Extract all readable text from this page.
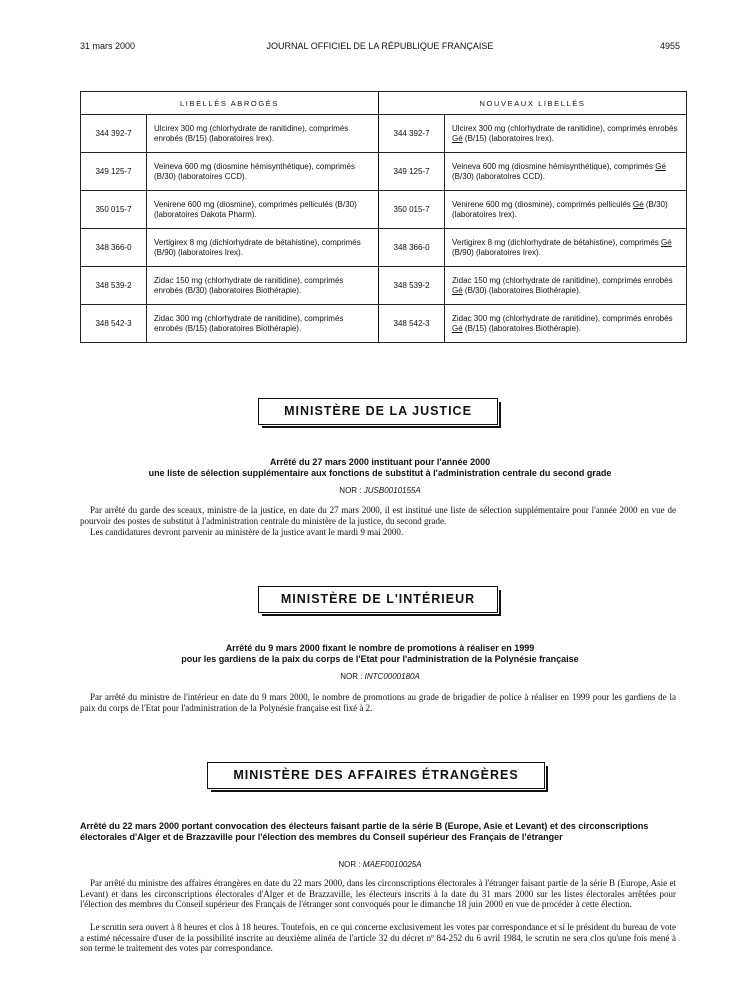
31 mars 2000	JOURNAL OFFICIEL DE LA RÉPUBLIQUE FRANÇAISE	4955
LIBELLÉS ABROGÉS		NOUVEAUX LIBELLÉS	
344 392-7	Ulcirex 300 mg (chlorhydrate de ranitidine), comprimés enrobés (B/15) (laboratoires Irex).	344 392-7	Ulcirex 300 mg (chlorhydrate de ranitidine), comprimés enrobés Gé (B/15) (laboratoires Irex).
349 125-7	Veineva 600 mg (diosmine hémisynthétique), comprimés (B/30) (laboratoires CCD).	349 125-7	Veineva 600 mg (diosmine hémisynthétique), comprimés Gé (B/30) (laboratoires CCD).
350 015-7	Venirene 600 mg (diosmine), comprimés pelliculés (B/30) (laboratoires Dakota Pharm).	350 015-7	Venirene 600 mg (diosmine), comprimés pelliculés Gé (B/30) (laboratoires Irex).
348 366-0	Vertigirex 8 mg (dichlorhydrate de bétahistine), comprimés (B/90) (laboratoires Irex).	348 366-0	Vertigirex 8 mg (dichlorhydrate de bétahistine), comprimés Gé (B/90) (laboratoires Irex).
348 539-2	Zidac 150 mg (chlorhydrate de ranitidine), comprimés enrobés (B/30) (laboratoires Biothérapie).	348 539-2	Zidac 150 mg (chlorhydrate de ranitidine), comprimés enrobés Gé (B/30) (laboratoires Biothérapie).
348 542-3	Zidac 300 mg (chlorhydrate de ranitidine), comprimés enrobés (B/15) (laboratoires Biothérapie).	348 542-3	Zidac 300 mg (chlorhydrate de ranitidine), comprimés enrobés Gé (B/15) (laboratoires Biothérapie).
MINISTÈRE DE LA JUSTICE
Arrêté du 27 mars 2000 instituant pour l'année 2000
une liste de sélection supplémentaire aux fonctions de substitut à l'administration centrale du second grade
NOR : JUSB0010155A

Par arrêté du garde des sceaux, ministre de la justice, en date du 27 mars 2000, il est institué une liste de sélection supplémentaire pour l'année 2000 en vue de pourvoir des postes de substitut à l'administration centrale du ministère de la justice, du second grade.

Les candidatures devront parvenir au ministère de la justice avant le mardi 9 mai 2000.

MINISTÈRE DE L'INTÉRIEUR
Arrêté du 9 mars 2000 fixant le nombre de promotions à réaliser en 1999
pour les gardiens de la paix du corps de l'Etat pour l'administration de la Polynésie française
NOR : INTC0000180A

Par arrêté du ministre de l'intérieur en date du 9 mars 2000, le nombre de promotions au grade de brigadier de police à réaliser en 1999 pour les gardiens de la paix du corps de l'Etat pour l'administration de la Polynésie française est fixé à 2.

MINISTÈRE DES AFFAIRES ÉTRANGÈRES
Arrêté du 22 mars 2000 portant convocation des électeurs faisant partie de la série B (Europe, Asie et Levant) et des circonscriptions électorales d'Alger et de Brazzaville pour l'élection des membres du Conseil supérieur des Français de l'étranger
NOR : MAEF0010025A

Par arrêté du ministre des affaires étrangères en date du 22 mars 2000, dans les circonscriptions électorales à l'étranger faisant partie de la série B (Europe, Asie et Levant) et dans les circonscriptions électorales d'Alger et de Brazzaville, les électeurs inscrits à la date du 31 mars 2000 sur les listes électorales arrêtées pour l'élection des membres du Conseil supérieur des Français de l'étranger sont convoqués pour le dimanche 18 juin 2000 en vue de procéder à cette élection.

Le scrutin sera ouvert à 8 heures et clos à 18 heures. Toutefois, en ce qui concerne exclusivement les votes par correspondance et si le président du bureau de vote a estimé nécessaire d'user de la possibilité inscrite au deuxième alinéa de l'article 32 du décret nº 84-252 du 6 avril 1984, le scrutin ne sera clos qu'une fois mené à son terme le traitement des votes par correspondance.
